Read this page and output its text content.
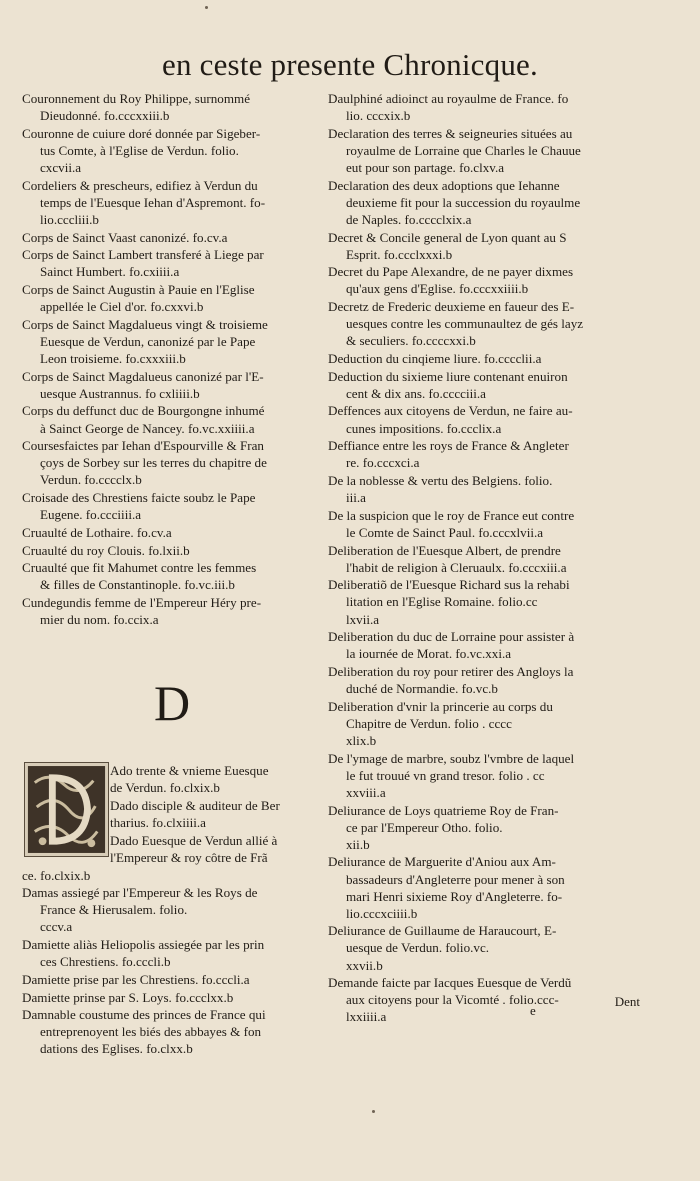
en ceste presente Chronicque.
Couronnement du Roy Philippe, surnommé
Dieudonné. fo.cccxxiii.b
Couronne de cuiure doré donnée par Sigeber-
tus Comte, à l'Eglise de Verdun. folio.
cxcvii.a
Cordeliers & prescheurs, edifiez à Verdun du
temps de l'Euesque Iehan d'Aspremont. fo-
lio.cccliii.b
Corps de Sainct Vaast canonizé. fo.cv.a
Corps de Sainct Lambert transferé à Liege par
Sainct Humbert. fo.cxiiii.a
Corps de Sainct Augustin à Pauie en l'Eglise
appellée le Ciel d'or. fo.cxxvi.b
Corps de Sainct Magdalueus vingt & troisieme
Euesque de Verdun, canonizé par le Pape
Leon troisieme. fo.cxxxiii.b
Corps de Sainct Magdalueus canonizé par l'E-
uesque Austrannus. fo cxliiii.b
Corps du deffunct duc de Bourgongne inhumé
à Sainct George de Nancey. fo.vc.xxiiii.a
Coursesfaictes par Iehan d'Espourville & Fran
çoys de Sorbey sur les terres du chapitre de
Verdun. fo.cccclx.b
Croisade des Chrestiens faicte soubz le Pape
Eugene. fo.ccciiii.a
Cruaulté de Lothaire. fo.cv.a
Cruaulté du roy Clouis. fo.lxii.b
Cruaulté que fit Mahumet contre les femmes
& filles de Constantinople. fo.vc.iii.b
Cundegundis femme de l'Empereur Héry pre-
mier du nom. fo.ccix.a
D
Ado trente & vnieme Euesque
de Verdun. fo.clxix.b
Dado disciple & auditeur de Ber
tharius. fo.clxiiii.a
Dado Euesque de Verdun allié à
l'Empereur & roy côtre de Frã
ce. fo.clxix.b
Damas assiegé par l'Empereur & les Roys de
France & Hierusalem. folio.
cccv.a
Damiette aliàs Heliopolis assiegée par les prin
ces Chrestiens. fo.cccli.b
Damiette prise par les Chrestiens. fo.cccli.a
Damiette prinse par S. Loys. fo.ccclxx.b
Damnable coustume des princes de France qui
entreprenoyent les biés des abbayes & fon
dations des Eglises. fo.clxx.b
Daulphiné adioinct au royaulme de France. fo
lio. cccxix.b
Declaration des terres & seigneuries situées au
royaulme de Lorraine que Charles le Chauue
eut pour son partage. fo.clxv.a
Declaration des deux adoptions que Iehanne
deuxieme fit pour la succession du royaulme
de Naples. fo.cccclxix.a
Decret & Concile general de Lyon quant au S
Esprit. fo.ccclxxxi.b
Decret du Pape Alexandre, de ne payer dixmes
qu'aux gens d'Eglise. fo.cccxxiiii.b
Decretz de Frederic deuxieme en faueur des E-
uesques contre les communaultez de gés layz
& seculiers. fo.ccccxxi.b
Deduction du cinqieme liure. fo.cccclii.a
Deduction du sixieme liure contenant enuiron
cent & dix ans. fo.cccciii.a
Deffences aux citoyens de Verdun, ne faire au-
cunes impositions. fo.ccclix.a
Deffiance entre les roys de France & Angleter
re. fo.cccxci.a
De la noblesse & vertu des Belgiens. folio.
iii.a
De la suspicion que le roy de France eut contre
le Comte de Sainct Paul. fo.cccxlvii.a
Deliberation de l'Euesque Albert, de prendre
l'habit de religion à Cleruaulx. fo.cccxiii.a
Deliberatiõ de l'Euesque Richard sus la rehabi
litation en l'Eglise Romaine. folio.cc
lxvii.a
Deliberation du duc de Lorraine pour assister à
la iournée de Morat. fo.vc.xxi.a
Deliberation du roy pour retirer des Angloys la
duché de Normandie. fo.vc.b
Deliberation d'vnir la princerie au corps du
Chapitre de Verdun. folio . cccc
xlix.b
De l'ymage de marbre, soubz l'vmbre de laquel
le fut trouué vn grand tresor. folio . cc
xxviii.a
Deliurance de Loys quatrieme Roy de Fran-
ce par l'Empereur Otho. folio.
xii.b
Deliurance de Marguerite d'Aniou aux Am-
bassadeurs d'Angleterre pour mener à son
mari Henri sixieme Roy d'Angleterre. fo-
lio.cccxciiii.b
Deliurance de Guillaume de Haraucourt, E-
uesque de Verdun. folio.vc.
xxvii.b
Demande faicte par Iacques Euesque de Verdũ
aux citoyens pour la Vicomté . folio.ccc-
lxxiiii.a	e
Dent
